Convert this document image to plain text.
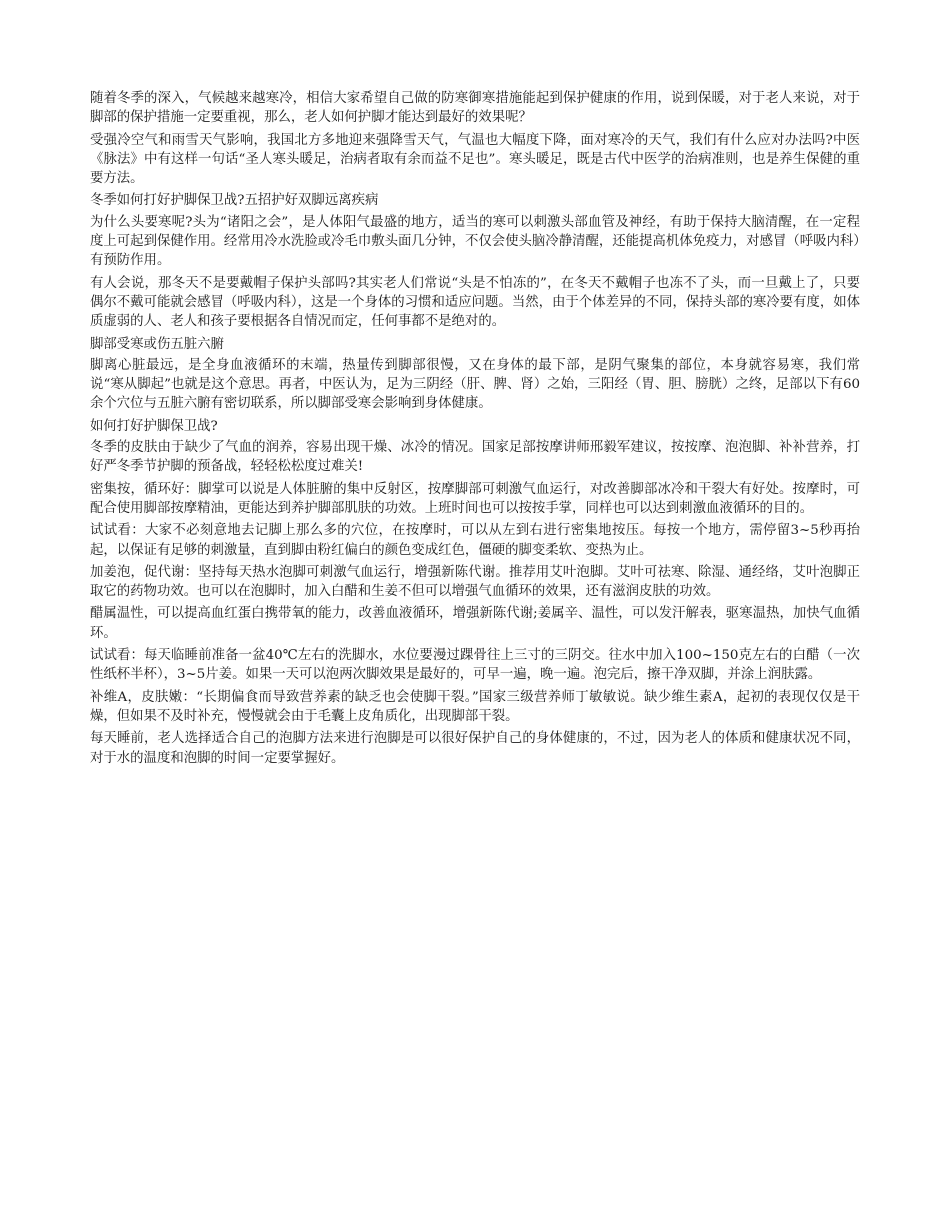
随着冬季的深入，气候越来越寒冷，相信大家希望自己做的防寒御寒措施能起到保护健康的作用，说到保暖，对于老人来说，对于脚部的保护措施一定要重视，那么，老人如何护脚才能达到最好的效果呢？

受强冷空气和雨雪天气影响，我国北方多地迎来强降雪天气，气温也大幅度下降，面对寒冷的天气，我们有什么应对办法吗?中医《脉法》中有这样一句话“圣人寒头暖足，治病者取有余而益不足也”。寒头暖足，既是古代中医学的治病准则，也是养生保健的重要方法。

冬季如何打好护脚保卫战?五招护好双脚远离疾病

为什么头要寒呢?头为“诸阳之会”，是人体阳气最盛的地方，适当的寒可以刺激头部血管及神经，有助于保持大脑清醒，在一定程度上可起到保健作用。经常用冷水洗脸或冷毛巾敷头面几分钟，不仅会使头脑冷静清醒，还能提高机体免疫力，对感冒（呼吸内科）有预防作用。

有人会说，那冬天不是要戴帽子保护头部吗?其实老人们常说“头是不怕冻的”，在冬天不戴帽子也冻不了头，而一旦戴上了，只要偶尔不戴可能就会感冒（呼吸内科），这是一个身体的习惯和适应问题。当然，由于个体差异的不同，保持头部的寒冷要有度，如体质虚弱的人、老人和孩子要根据各自情况而定，任何事都不是绝对的。

脚部受寒或伤五脏六腑

脚离心脏最远，是全身血液循环的末端，热量传到脚部很慢，又在身体的最下部，是阴气聚集的部位，本身就容易寒，我们常说“寒从脚起”也就是这个意思。再者，中医认为，足为三阴经（肝、脾、肾）之始，三阳经（胃、胆、膀胱）之终，足部以下有60余个穴位与五脏六腑有密切联系，所以脚部受寒会影响到身体健康。

如何打好护脚保卫战?

冬季的皮肤由于缺少了气血的润养，容易出现干燥、冰冷的情况。国家足部按摩讲师邢毅军建议，按按摩、泡泡脚、补补营养，打好严冬季节护脚的预备战，轻轻松松度过难关!

密集按，循环好：脚掌可以说是人体脏腑的集中反射区，按摩脚部可刺激气血运行，对改善脚部冰冷和干裂大有好处。按摩时，可配合使用脚部按摩精油，更能达到养护脚部肌肤的功效。上班时间也可以按按手掌，同样也可以达到刺激血液循环的目的。

试试看：大家不必刻意地去记脚上那么多的穴位，在按摩时，可以从左到右进行密集地按压。每按一个地方，需停留3~5秒再抬起，以保证有足够的刺激量，直到脚由粉红偏白的颜色变成红色，僵硬的脚变柔软、变热为止。

加姜泡，促代谢：坚持每天热水泡脚可刺激气血运行，增强新陈代谢。推荐用艾叶泡脚。艾叶可祛寒、除湿、通经络，艾叶泡脚正取它的药物功效。也可以在泡脚时，加入白醋和生姜不但可以增强气血循环的效果，还有滋润皮肤的功效。

醋属温性，可以提高血红蛋白携带氧的能力，改善血液循环，增强新陈代谢;姜属辛、温性，可以发汗解表，驱寒温热，加快气血循环。

试试看：每天临睡前准备一盆40℃左右的洗脚水，水位要漫过踝骨往上三寸的三阴交。往水中加入100~150克左右的白醋（一次性纸杯半杯），3~5片姜。如果一天可以泡两次脚效果是最好的，可早一遍，晚一遍。泡完后，擦干净双脚，并涂上润肤露。

补维A，皮肤嫩：“长期偏食而导致营养素的缺乏也会使脚干裂。”国家三级营养师丁敏敏说。缺少维生素A，起初的表现仅仅是干燥，但如果不及时补充，慢慢就会由于毛囊上皮角质化，出现脚部干裂。

每天睡前，老人选择适合自己的泡脚方法来进行泡脚是可以很好保护自己的身体健康的，不过，因为老人的体质和健康状况不同，对于水的温度和泡脚的时间一定要掌握好。
